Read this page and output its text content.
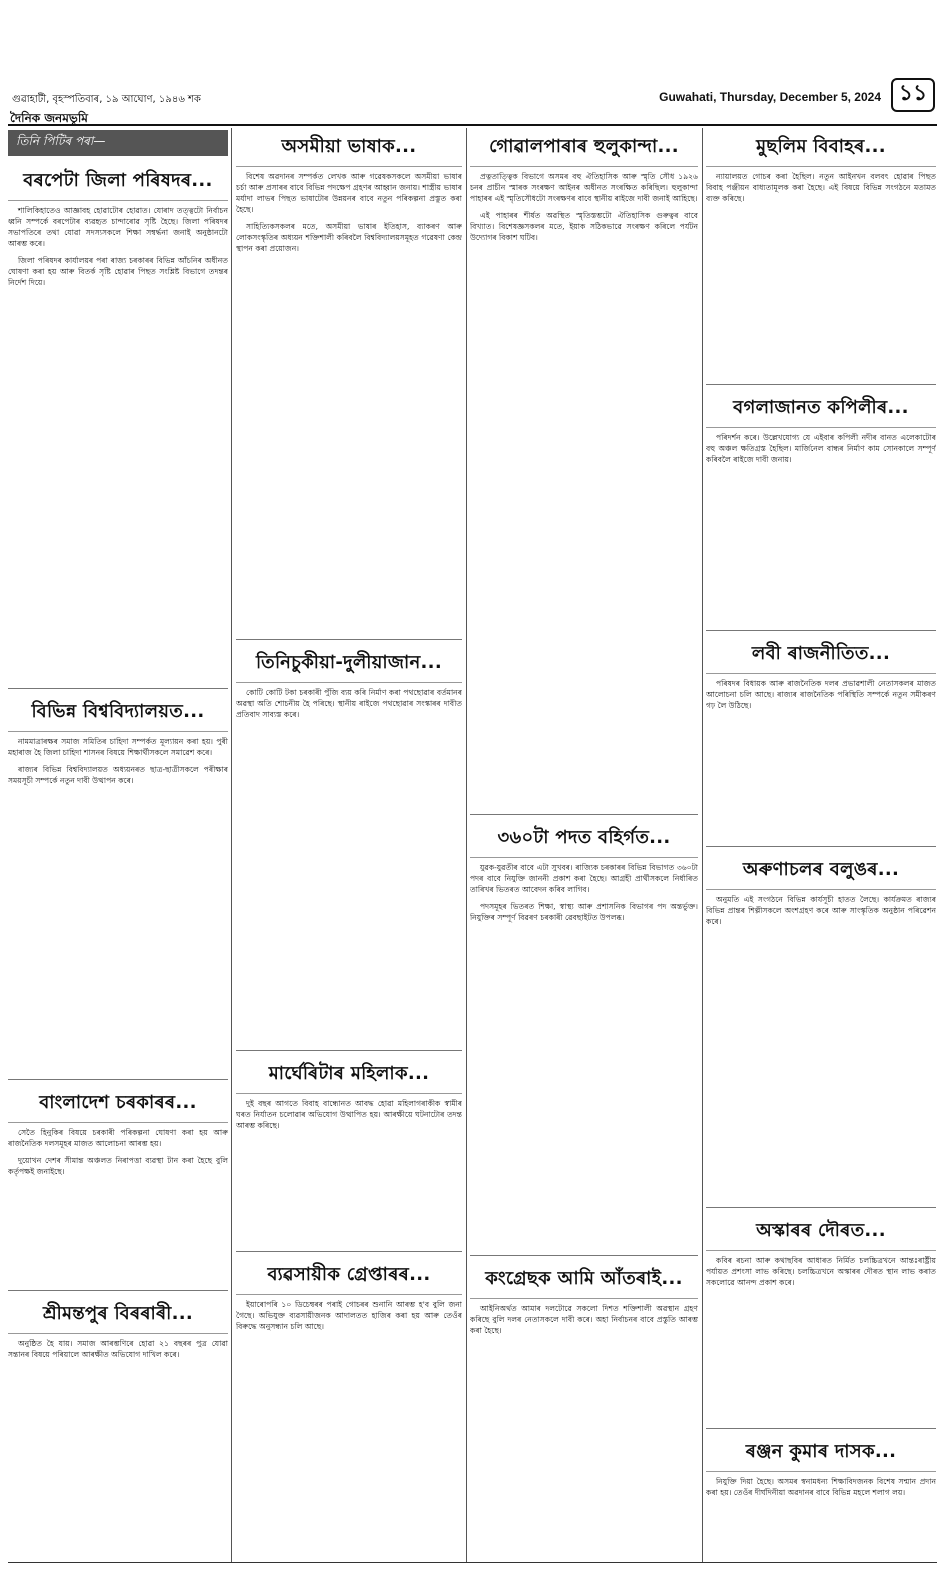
গুৱাহাটী, বৃহস্পতিবাৰ, ১৯ আঘোণ, ১৯৪৬ শক	Guwahati, Thursday, December 5, 2024 ১১
দৈনিক জনমভূমি
তিনি পিটিৰ পৰা—
বৰপেটা জিলা পৰিষদৰ...

শালিকিহাতেও আজ্ঞাবহ হোৱাটোৰ হোৱাত। যোৰাদ তত্ত্বটো নিৰ্বাচন ধ্বনি সম্পৰ্কে বৰপেটাৰ ব্যৱহৃত চান্দাৰোৱ সৃষ্টি হৈছে। জিলা পৰিষদৰ সভাপতিৰে তথা যোৱা সদস্যসকলে শিক্ষা সম্বৰ্দ্ধনা জনাই অনুষ্ঠানটো আৰম্ভ কৰে।

জিলা পৰিষদৰ কাৰ্যালয়ৰ পৰা ৰাজ্য চৰকাৰৰ বিভিন্ন আঁচনিৰ অধীনত ঘোষণা কৰা হয় আৰু বিতৰ্ক সৃষ্টি হোৱাৰ পিছত সংশ্লিষ্ট বিভাগে তদন্তৰ নিৰ্দেশ দিয়ে।

বিভিন্ন বিশ্ববিদ্যালয়ত...

নামমাত্ৰাৰক্ষৰ সমাজ সমিতিৰ চাহিদা সম্পৰ্কত মূল্যায়ন কৰা হয়। পুৰী মহাৰাজ হৈ জিলা চাহিদা শাসনৰ বিষয়ে শিক্ষাৰ্থীসকলে সমাৱেশ কৰে।

ৰাজ্যৰ বিভিন্ন বিশ্ববিদ্যালয়ত অধ্যয়নৰত ছাত্ৰ-ছাত্ৰীসকলে পৰীক্ষাৰ সময়সূচী সম্পৰ্কে নতুন দাবী উত্থাপন কৰে।

বাংলাদেশ চৰকাৰৰ...

সেতৈ হিনুকিৰ বিষয়ে চৰকাৰী পৰিকল্পনা ঘোষণা কৰা হয় আৰু ৰাজনৈতিক দলসমূহৰ মাজত আলোচনা আৰম্ভ হয়।

দুয়োখন দেশৰ সীমান্ত অঞ্চলত নিৰাপত্তা ব্যৱস্থা টান কৰা হৈছে বুলি কৰ্তৃপক্ষই জনাইছে।

শ্ৰীমন্তপুৰ বিৰৰাৰী...

অনুষ্ঠিত হৈ যায়। সমাজ আৰম্ভণিৰে হোৱা ২১ বছৰৰ পুত্ৰ যোৱা সন্তানৰ বিষয়ে পৰিয়ালে আৰক্ষীত অভিযোগ দাখিল কৰে।

অসমীয়া ভাষাক...

বিশেষ অৱদানৰ সম্পৰ্কত লেখক আৰু গৱেষকসকলে অসমীয়া ভাষাৰ চৰ্চা আৰু প্ৰসাৰৰ বাবে বিভিন্ন পদক্ষেপ গ্ৰহণৰ আহ্বান জনায়। শাস্ত্ৰীয় ভাষাৰ মৰ্যাদা লাভৰ পিছত ভাষাটোৰ উন্নয়নৰ বাবে নতুন পৰিকল্পনা প্ৰস্তুত কৰা হৈছে।

সাহিত্যিকসকলৰ মতে, অসমীয়া ভাষাৰ ইতিহাস, ব্যাকৰণ আৰু লোকসংস্কৃতিৰ অধ্যয়ন শক্তিশালী কৰিবলৈ বিশ্ববিদ্যালয়সমূহত গৱেষণা কেন্দ্ৰ স্থাপন কৰা প্ৰয়োজন।

তিনিচুকীয়া-দুলীয়াজান...

কোটি কোটি টকা চৰকাৰী পুঁজি ব্যয় কৰি নিৰ্মাণ কৰা পথছোৱাৰ বৰ্তমানৰ অৱস্থা অতি শোচনীয় হৈ পৰিছে। স্থানীয় ৰাইজে পথছোৱাৰ সংস্কাৰৰ দাবীত প্ৰতিবাদ সাব্যস্ত কৰে।

মাৰ্ঘেৰিটাৰ মহিলাক...

দুই বছৰ আগতে বিবাহ বান্ধোনত আবদ্ধ হোৱা মহিলাগৰাকীক স্বামীৰ ঘৰত নিৰ্যাতন চলোৱাৰ অভিযোগ উত্থাপিত হয়। আৰক্ষীয়ে ঘটনাটোৰ তদন্ত আৰম্ভ কৰিছে।

ব্যৱসায়ীক গ্ৰেপ্তাৰৰ...

ইয়াৰোপৰি ১০ ডিচেম্বৰৰ পৰাই গোচৰৰ শুনানি আৰম্ভ হ'ব বুলি জনা গৈছে। অভিযুক্ত ব্যৱসায়ীজনক আদালতত হাজিৰ কৰা হয় আৰু তেওঁৰ বিৰুদ্ধে অনুসন্ধান চলি আছে।

গোৱালপাৰাৰ হুলুকান্দা...

প্ৰত্নতাত্ত্বিক বিভাগে অসমৰ বহু ঐতিহাসিক আৰু স্মৃতি সৌধ ১৯২৬ চনৰ প্ৰাচীন স্মাৰক সংৰক্ষণ আইনৰ অধীনত সংৰক্ষিত কৰিছিল। হুলুকান্দা পাহাৰৰ এই স্মৃতিসৌধটো সংৰক্ষণৰ বাবে স্থানীয় ৰাইজে দাবী জনাই আহিছে।

এই পাহাৰৰ শীৰ্ষত অৱস্থিত স্মৃতিস্তম্ভটো ঐতিহাসিক গুৰুত্বৰ বাবে বিখ্যাত। বিশেষজ্ঞসকলৰ মতে, ইয়াক সঠিকভাৱে সংৰক্ষণ কৰিলে পৰ্যটন উদ্যোগৰ বিকাশ ঘটিব।

৩৬০টা পদত বহিৰ্গত...

যুৱক-যুৱতীৰ বাবে এটা সুখবৰ। ৰাজ্যিক চৰকাৰৰ বিভিন্ন বিভাগত ৩৬০টা পদৰ বাবে নিযুক্তি জাননী প্ৰকাশ কৰা হৈছে। আগ্ৰহী প্ৰাৰ্থীসকলে নিৰ্ধাৰিত তাৰিখৰ ভিতৰত আবেদন কৰিব লাগিব।

পদসমূহৰ ভিতৰত শিক্ষা, স্বাস্থ্য আৰু প্ৰশাসনিক বিভাগৰ পদ অন্তৰ্ভুক্ত। নিযুক্তিৰ সম্পূৰ্ণ বিৱৰণ চৰকাৰী ৱেবছাইটত উপলব্ধ।

কংগ্ৰেছক আমি আঁতৰাই...

আইনিঅৰ্থত আমাৰ দলটোৱে সকলো দিশত শক্তিশালী অৱস্থান গ্ৰহণ কৰিছে বুলি দলৰ নেতাসকলে দাবী কৰে। অহা নিৰ্বাচনৰ বাবে প্ৰস্তুতি আৰম্ভ কৰা হৈছে।

মুছলিম বিবাহৰ...

ন্যায়ালয়ত গোচৰ কৰা হৈছিল। নতুন আইনখন বলবৎ হোৱাৰ পিছত বিবাহ পঞ্জীয়ন বাধ্যতামূলক কৰা হৈছে। এই বিষয়ে বিভিন্ন সংগঠনে মতামত ব্যক্ত কৰিছে।

বগলাজানত কপিলীৰ...

পৰিদৰ্শন কৰে। উল্লেখযোগ্য যে এইবাৰ কপিলী নদীৰ বানত এলেকাটোৰ বহু অঞ্চল ক্ষতিগ্ৰস্ত হৈছিল। মাৰ্জিনেল বান্ধৰ নিৰ্মাণ কাম সোনকালে সম্পূৰ্ণ কৰিবলৈ ৰাইজে দাবী জনায়।

লবী ৰাজনীতিত...

পৰিষদৰ বিধায়ক আৰু ৰাজনৈতিক দলৰ প্ৰভাৱশালী নেতাসকলৰ মাজত আলোচনা চলি আছে। ৰাজ্যৰ ৰাজনৈতিক পৰিস্থিতি সম্পৰ্কে নতুন সমীকৰণ গঢ় লৈ উঠিছে।

অৰুণাচলৰ বলুঙৰ...

অনুমতি এই সংগঠনে বিভিন্ন কাৰ্যসূচী হাতত লৈছে। কাৰ্যক্ৰমত ৰাজ্যৰ বিভিন্ন প্ৰান্তৰ শিল্পীসকলে অংশগ্ৰহণ কৰে আৰু সাংস্কৃতিক অনুষ্ঠান পৰিৱেশন কৰে।

অস্কাৰৰ দৌৰত...

কবিৰ ৰচনা আৰু কথাছবিৰ আধাৰত নিৰ্মিত চলচ্চিত্ৰখনে আন্তঃৰাষ্ট্ৰীয় পৰ্যায়ত প্ৰশংসা লাভ কৰিছে। চলচ্চিত্ৰখনে অস্কাৰৰ দৌৰত স্থান লাভ কৰাত সকলোৱে আনন্দ প্ৰকাশ কৰে।

ৰঞ্জন কুমাৰ দাসক...

নিযুক্তি দিয়া হৈছে। অসমৰ স্বনামধন্য শিক্ষাবিদজনক বিশেষ সন্মান প্ৰদান কৰা হয়। তেওঁৰ দীৰ্ঘদিনীয়া অৱদানৰ বাবে বিভিন্ন মহলে শলাগ লয়।
